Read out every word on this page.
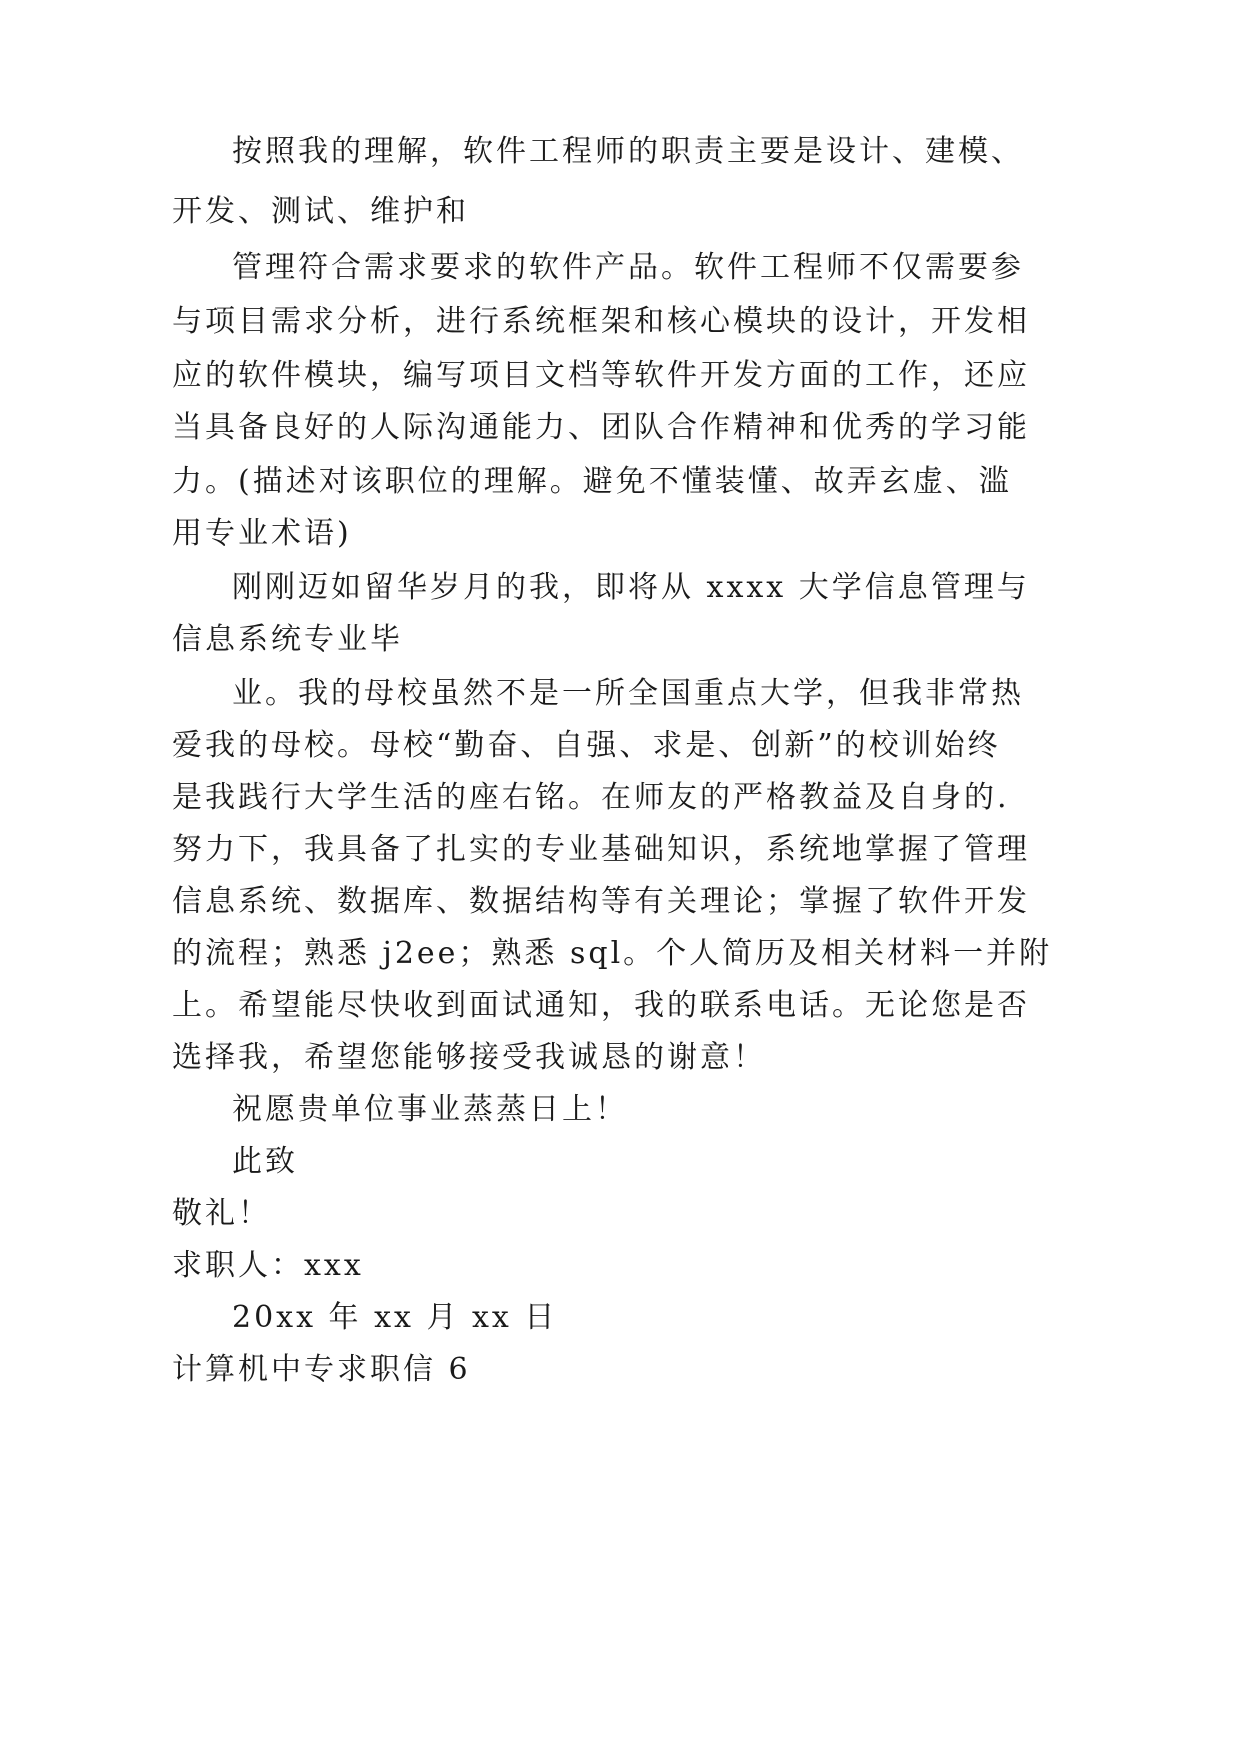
按照我的理解，软件工程师的职责主要是设计、建模、
开发、测试、维护和
管理符合需求要求的软件产品。软件工程师不仅需要参
与项目需求分析，进行系统框架和核心模块的设计，开发相
应的软件模块，编写项目文档等软件开发方面的工作，还应
当具备良好的人际沟通能力、团队合作精神和优秀的学习能
力。(描述对该职位的理解。避免不懂装懂、故弄玄虚、滥
用专业术语)
刚刚迈如留华岁月的我，即将从 xxxx 大学信息管理与
信息系统专业毕
业。我的母校虽然不是一所全国重点大学，但我非常热
爱我的母校。母校“勤奋、自强、求是、创新”的校训始终
是我践行大学生活的座右铭。在师友的严格教益及自身的.
努力下，我具备了扎实的专业基础知识，系统地掌握了管理
信息系统、数据库、数据结构等有关理论；掌握了软件开发
的流程；熟悉 j2ee；熟悉 sql。个人简历及相关材料一并附
上。希望能尽快收到面试通知，我的联系电话。无论您是否
选择我，希望您能够接受我诚恳的谢意！
祝愿贵单位事业蒸蒸日上！
此致
敬礼！
求职人：xxx
20xx 年 xx 月 xx 日
计算机中专求职信 6
